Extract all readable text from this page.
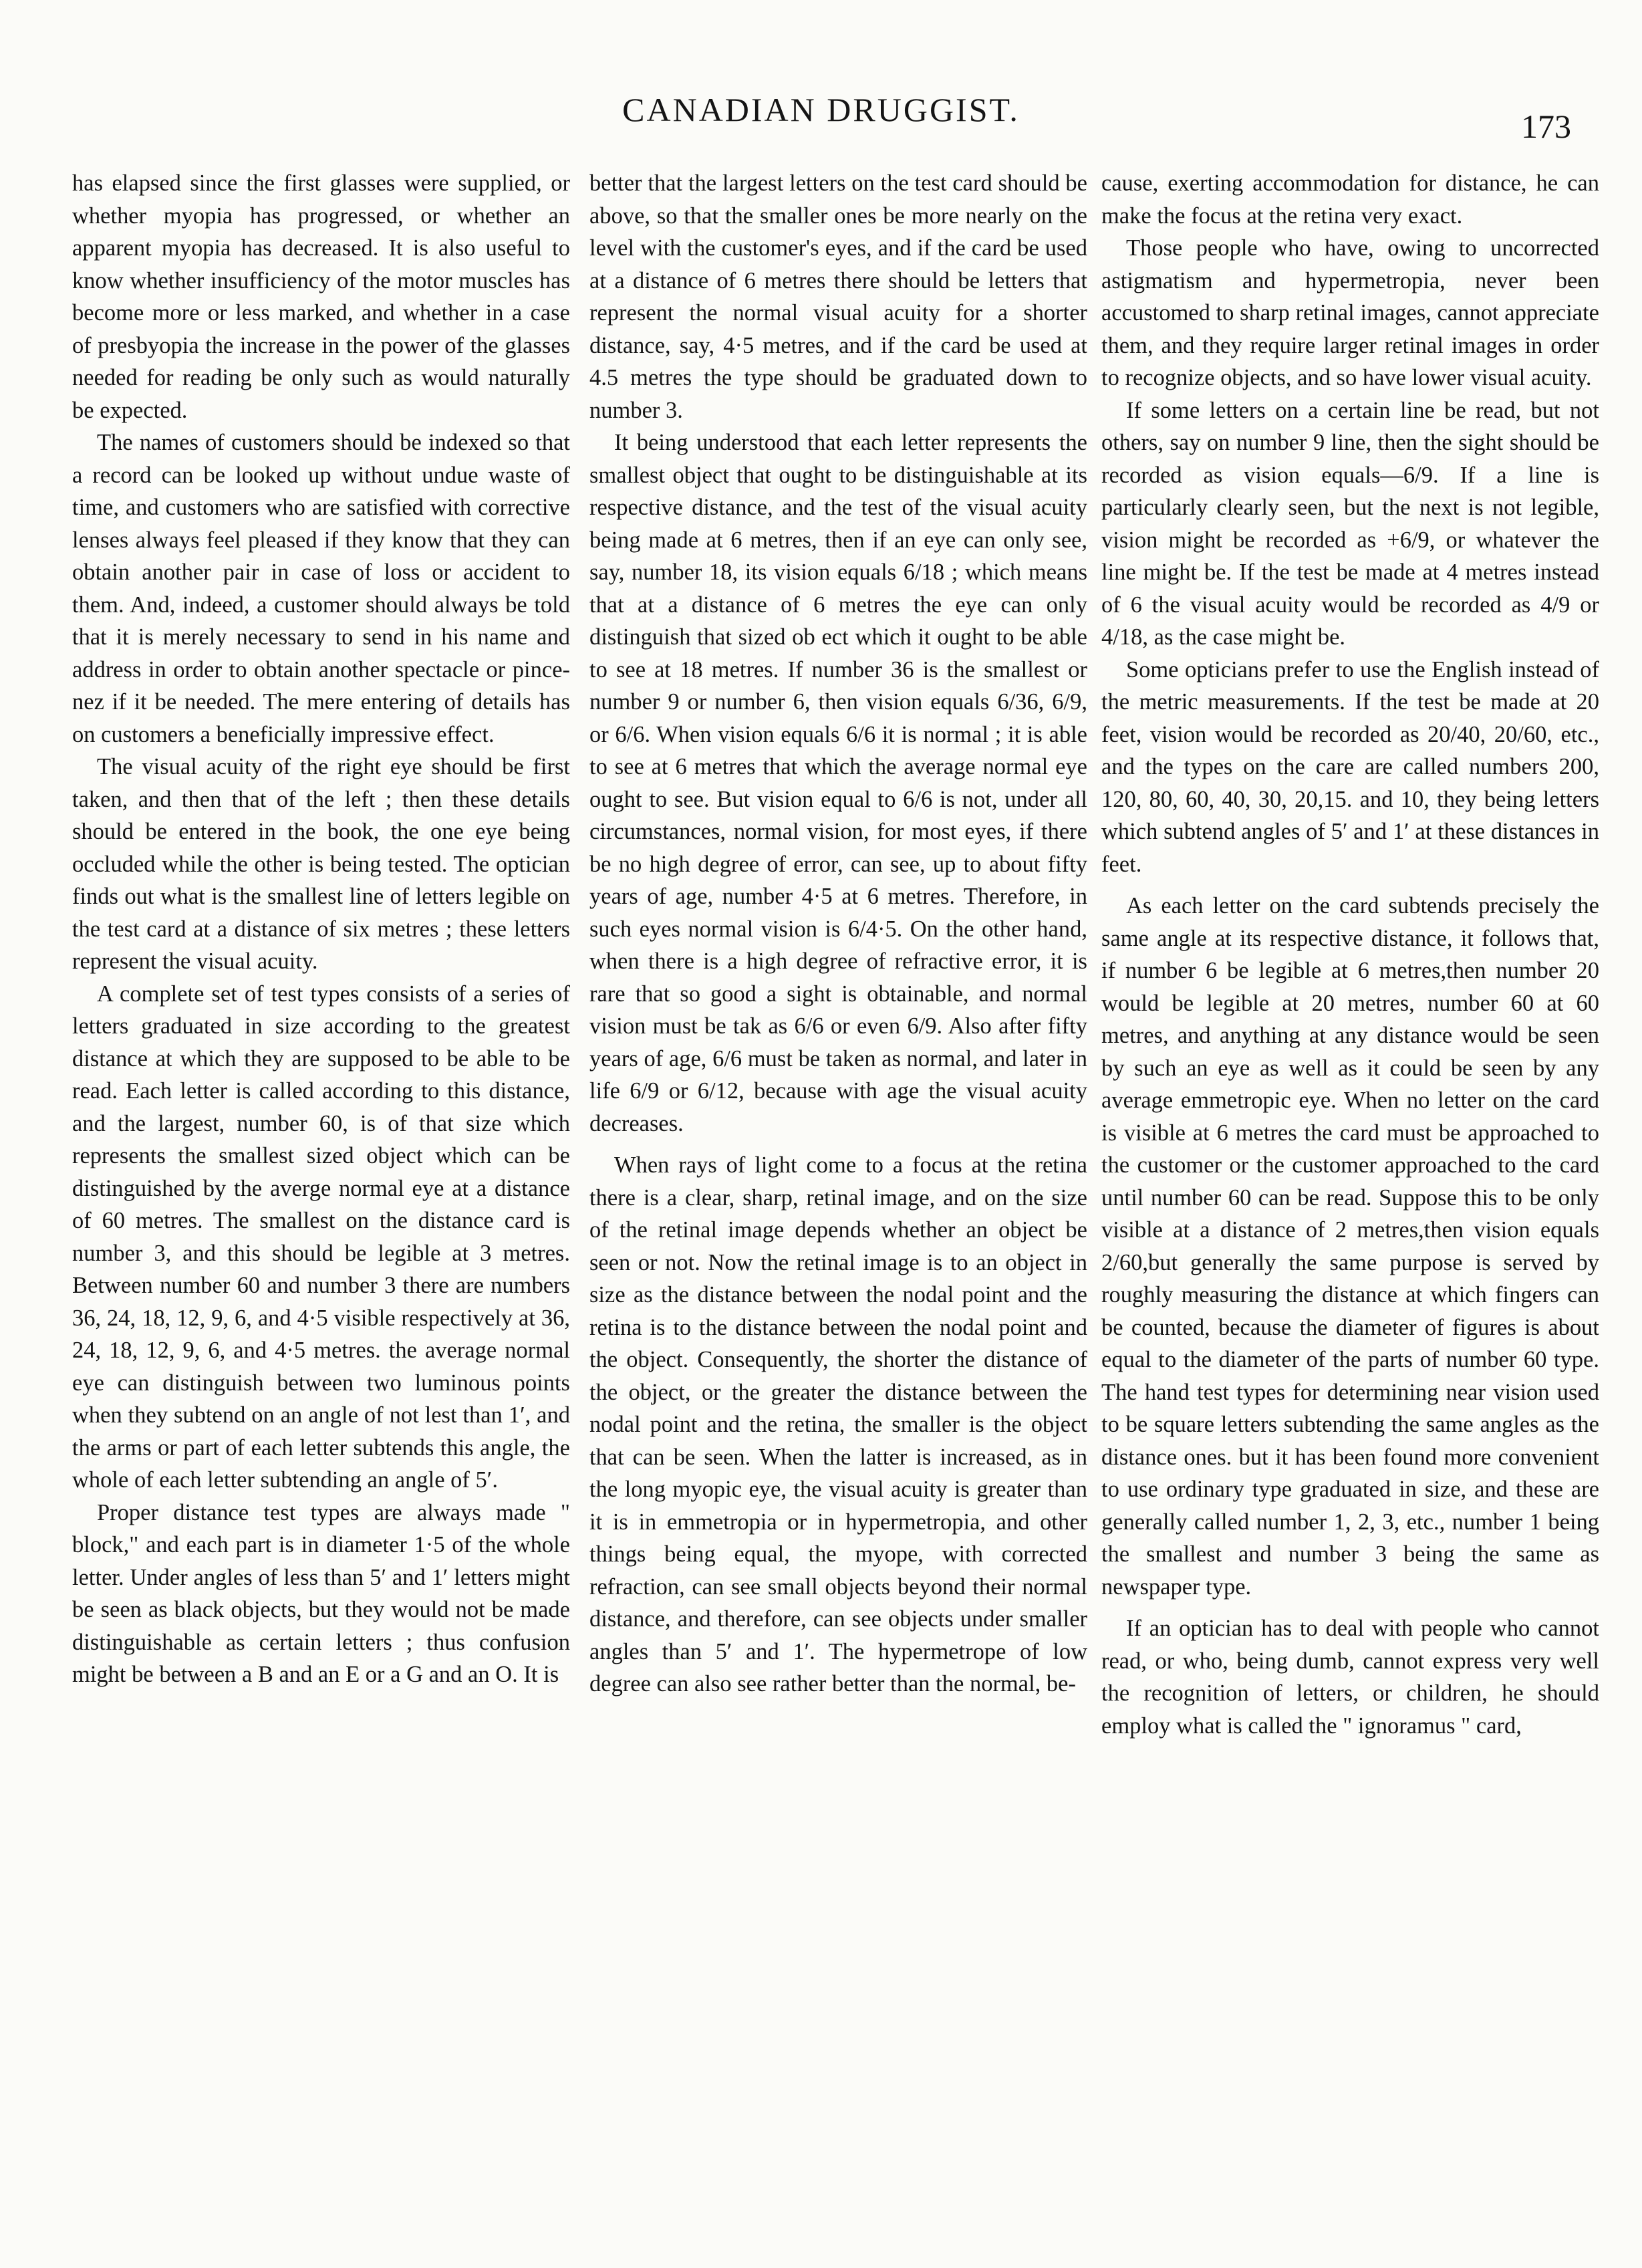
CANADIAN DRUGGIST.	173

has elapsed since the first glasses were supplied, or whether myopia has progressed, or whether an apparent myopia has decreased. It is also useful to know whether insufficiency of the motor muscles has become more or less marked, and whether in a case of presbyopia the increase in the power of the glasses needed for reading be only such as would naturally be expected.

The names of customers should be indexed so that a record can be looked up without undue waste of time, and customers who are satisfied with corrective lenses always feel pleased if they know that they can obtain another pair in case of loss or accident to them. And, indeed, a customer should always be told that it is merely necessary to send in his name and address in order to obtain another spectacle or pince-nez if it be needed. The mere entering of details has on customers a beneficially impressive effect.

The visual acuity of the right eye should be first taken, and then that of the left ; then these details should be entered in the book, the one eye being occluded while the other is being tested. The optician finds out what is the smallest line of letters legible on the test card at a distance of six metres ; these letters represent the visual acuity.

A complete set of test types consists of a series of letters graduated in size according to the greatest distance at which they are supposed to be able to be read. Each letter is called according to this distance, and the largest, number 60, is of that size which represents the smallest sized object which can be distinguished by the averge normal eye at a distance of 60 metres. The smallest on the distance card is number 3, and this should be legible at 3 metres. Between number 60 and number 3 there are numbers 36, 24, 18, 12, 9, 6, and 4·5 visible respectively at 36, 24, 18, 12, 9, 6, and 4·5 metres. the average normal eye can distinguish between two luminous points when they subtend on an angle of not lest than 1′, and the arms or part of each letter subtends this angle, the whole of each letter subtending an angle of 5′.

Proper distance test types are always made " block," and each part is in diameter 1·5 of the whole letter. Under angles of less than 5′ and 1′ letters might be seen as black objects, but they would not be made distinguishable as certain letters ; thus confusion might be between a B and an E or a G and an O. It is

better that the largest letters on the test card should be above, so that the smaller ones be more nearly on the level with the customer's eyes, and if the card be used at a distance of 6 metres there should be letters that represent the normal visual acuity for a shorter distance, say, 4·5 metres, and if the card be used at 4.5 metres the type should be graduated down to number 3.

It being understood that each letter represents the smallest object that ought to be distinguishable at its respective distance, and the test of the visual acuity being made at 6 metres, then if an eye can only see, say, number 18, its vision equals 6/18 ; which means that at a distance of 6 metres the eye can only distinguish that sized ob ect which it ought to be able to see at 18 metres. If number 36 is the smallest or number 9 or number 6, then vision equals 6/36, 6/9, or 6/6. When vision equals 6/6 it is normal ; it is able to see at 6 metres that which the average normal eye ought to see. But vision equal to 6/6 is not, under all circumstances, normal vision, for most eyes, if there be no high degree of error, can see, up to about fifty years of age, number 4·5 at 6 metres. Therefore, in such eyes normal vision is 6/4·5. On the other hand, when there is a high degree of refractive error, it is rare that so good a sight is obtainable, and normal vision must be tak as 6/6 or even 6/9. Also after fifty years of age, 6/6 must be taken as normal, and later in life 6/9 or 6/12, because with age the visual acuity decreases.

When rays of light come to a focus at the retina there is a clear, sharp, retinal image, and on the size of the retinal image depends whether an object be seen or not. Now the retinal image is to an object in size as the distance between the nodal point and the retina is to the distance between the nodal point and the object. Consequently, the shorter the distance of the object, or the greater the distance between the nodal point and the retina, the smaller is the object that can be seen. When the latter is increased, as in the long myopic eye, the visual acuity is greater than it is in emmetropia or in hypermetropia, and other things being equal, the myope, with corrected refraction, can see small objects beyond their normal distance, and therefore, can see objects under smaller angles than 5′ and 1′. The hypermetrope of low degree can also see rather better than the normal, be-

cause, exerting accommodation for distance, he can make the focus at the retina very exact.

Those people who have, owing to uncorrected astigmatism and hypermetropia, never been accustomed to sharp retinal images, cannot appreciate them, and they require larger retinal images in order to recognize objects, and so have lower visual acuity.

If some letters on a certain line be read, but not others, say on number 9 line, then the sight should be recorded as vision equals—6/9. If a line is particularly clearly seen, but the next is not legible, vision might be recorded as +6/9, or whatever the line might be. If the test be made at 4 metres instead of 6 the visual acuity would be recorded as 4/9 or 4/18, as the case might be.

Some opticians prefer to use the English instead of the metric measurements. If the test be made at 20 feet, vision would be recorded as 20/40, 20/60, etc., and the types on the care are called numbers 200, 120, 80, 60, 40, 30, 20,15. and 10, they being letters which subtend angles of 5′ and 1′ at these distances in feet.

As each letter on the card subtends precisely the same angle at its respective distance, it follows that, if number 6 be legible at 6 metres,then number 20 would be legible at 20 metres, number 60 at 60 metres, and anything at any distance would be seen by such an eye as well as it could be seen by any average emmetropic eye. When no letter on the card is visible at 6 metres the card must be approached to the customer or the customer approached to the card until number 60 can be read. Suppose this to be only visible at a distance of 2 metres,then vision equals 2/60,but generally the same purpose is served by roughly measuring the distance at which fingers can be counted, because the diameter of figures is about equal to the diameter of the parts of number 60 type. The hand test types for determining near vision used to be square letters subtending the same angles as the distance ones. but it has been found more convenient to use ordinary type graduated in size, and these are generally called number 1, 2, 3, etc., number 1 being the smallest and number 3 being the same as newspaper type.

If an optician has to deal with people who cannot read, or who, being dumb, cannot express very well the recognition of letters, or children, he should employ what is called the " ignoramus " card,
